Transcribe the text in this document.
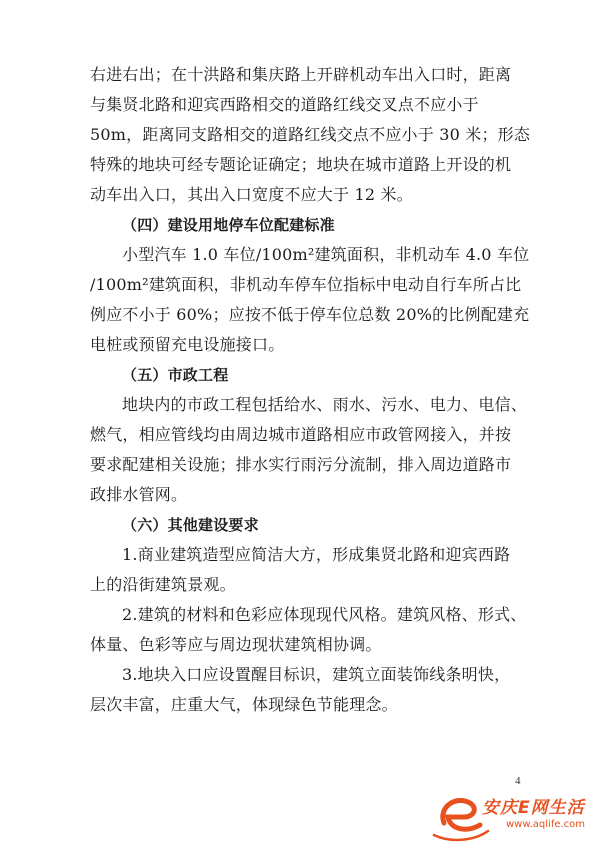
右进右出；在十洪路和集庆路上开辟机动车出入口时，距离
与集贤北路和迎宾西路相交的道路红线交叉点不应小于
50m，距离同支路相交的道路红线交点不应小于 30 米；形态
特殊的地块可经专题论证确定；地块在城市道路上开设的机
动车出入口，其出入口宽度不应大于 12 米。
（四）建设用地停车位配建标准
小型汽车 1.0 车位/100m²建筑面积，非机动车 4.0 车位
/100m²建筑面积，非机动车停车位指标中电动自行车所占比
例应不小于 60%；应按不低于停车位总数 20%的比例配建充
电桩或预留充电设施接口。
（五）市政工程
地块内的市政工程包括给水、雨水、污水、电力、电信、
燃气，相应管线均由周边城市道路相应市政管网接入，并按
要求配建相关设施；排水实行雨污分流制，排入周边道路市
政排水管网。
（六）其他建设要求
1.商业建筑造型应简洁大方，形成集贤北路和迎宾西路
上的沿街建筑景观。
2.建筑的材料和色彩应体现现代风格。建筑风格、形式、
体量、色彩等应与周边现状建筑相协调。
3.地块入口应设置醒目标识，建筑立面装饰线条明快，
层次丰富，庄重大气，体现绿色节能理念。
4
安庆E网生活
www.aqlife.com
